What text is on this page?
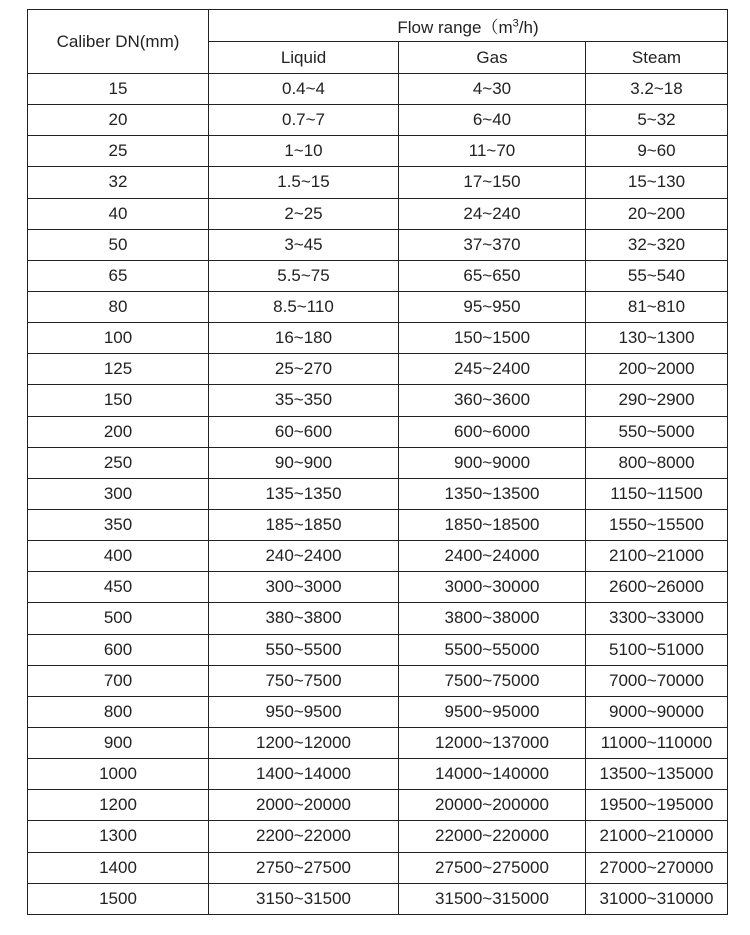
Caliber DN(mm)	Flow $range(m^3/h)$		
	Liquid	Gas	Steam
15	0.4~4	4~30	3.2~18
20	0.7~7	6~40	5~32
25	1~10	11~70	9~60
32	1.5~15	17~150	15~130
40	2~25	24~240	20~200
50	3~45	37~370	32~320
65	5.5~75	65~650	55~540
80	8.5~110	95~950	81~810
100	16~180	150~1500	130~1300
125	25~270	245~2400	200~2000
150	35~350	360~3600	290~2900
200	60~600	600~6000	550~5000
250	90~900	900~9000	800~8000
300	135~1350	1350~13500	1150~11500
350	185~1850	1850~18500	1550~15500
400	240~2400	2400~24000	2100~21000
450	300~3000	3000~30000	2600~26000
500	380~3800	3800~38000	3300~33000
600	550~5500	5500~55000	5100~51000
700	750~7500	7500~75000	7000~70000
800	950~9500	9500~95000	9000~90000
900	1200~12000	12000~137000	11000~110000
1000	1400~14000	14000~140000	13500~135000
1200	2000~20000	20000~200000	19500~195000
1300	2200~22000	22000~220000	21000~210000
1400	2750~27500	27500~275000	27000~270000
1500	3150~31500	31500~315000	31000~310000
